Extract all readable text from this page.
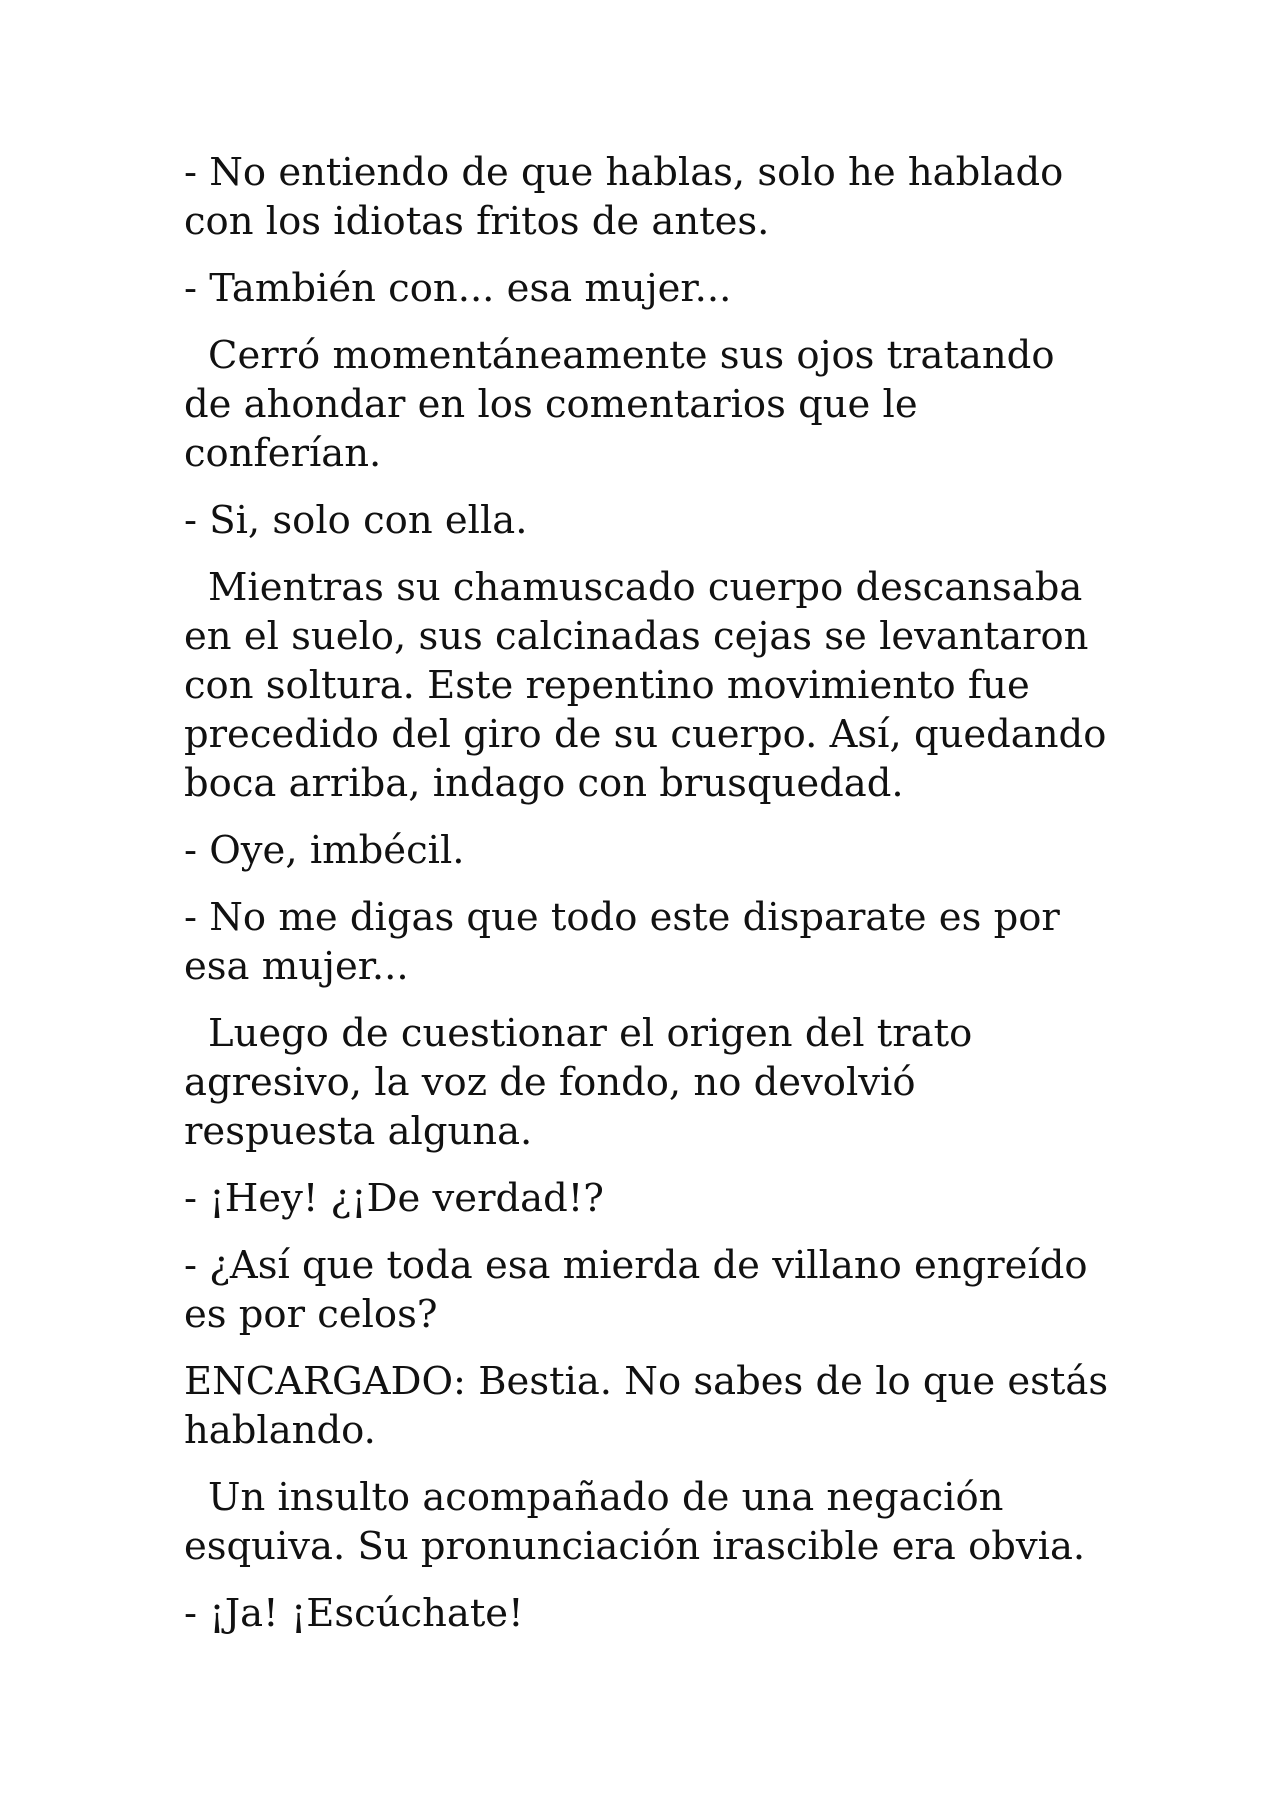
- No entiendo de que hablas, solo he hablado con los idiotas fritos de antes.

- También con... esa mujer...

Cerró momentáneamente sus ojos tratando de ahondar en los comentarios que le conferían.

- Si, solo con ella.

Mientras su chamuscado cuerpo descansaba en el suelo, sus calcinadas cejas se levantaron con soltura. Este repentino movimiento fue precedido del giro de su cuerpo. Así, quedando boca arriba, indago con brusquedad.

- Oye, imbécil.

- No me digas que todo este disparate es por esa mujer...

Luego de cuestionar el origen del trato agresivo, la voz de fondo, no devolvió respuesta alguna.

- ¡Hey! ¿¡De verdad!?

- ¿Así que toda esa mierda de villano engreído es por celos?

ENCARGADO: Bestia. No sabes de lo que estás hablando.

Un insulto acompañado de una negación esquiva. Su pronunciación irascible era obvia.

- ¡Ja! ¡Escúchate!
